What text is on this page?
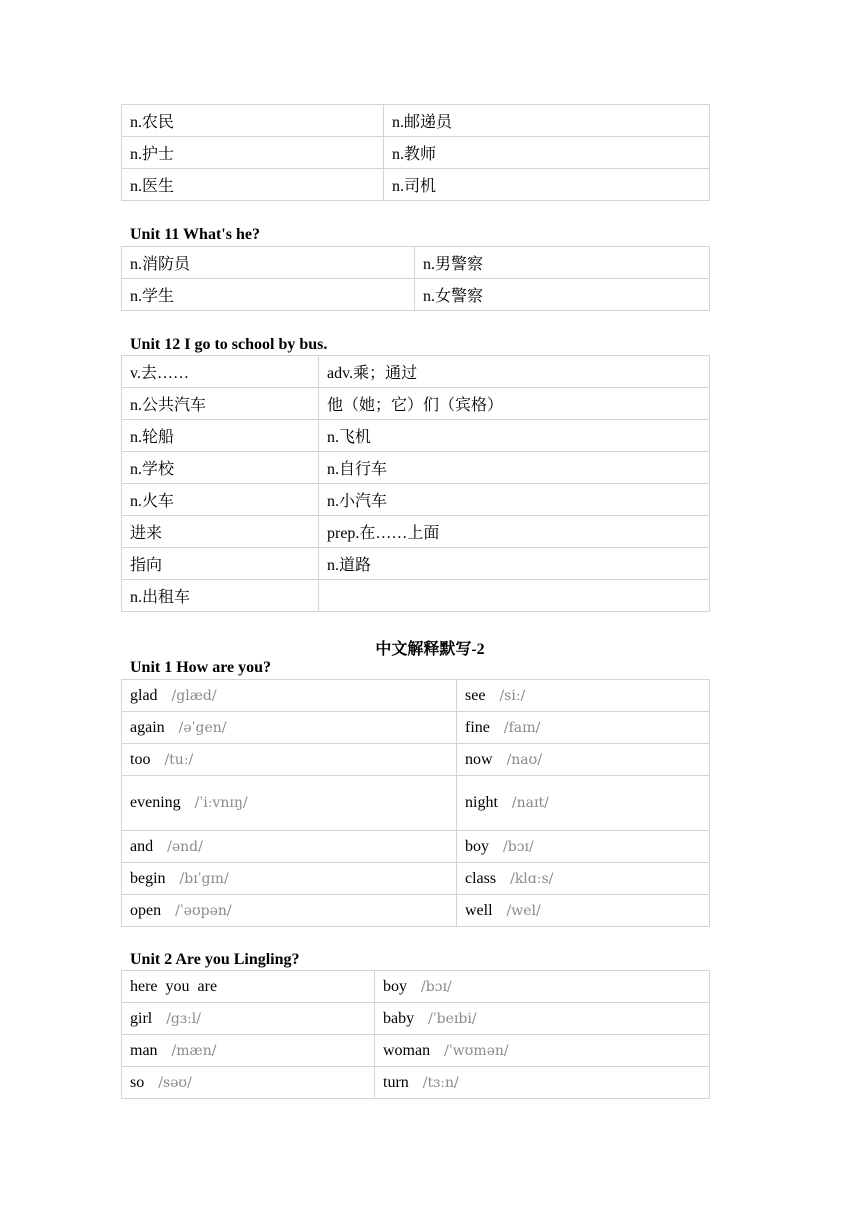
n.农民	n.邮递员
n.护士	n.教师
n.医生	n.司机
Unit 11 What's he?
n.消防员	n.男警察
n.学生	n.女警察
Unit 12 I go to school by bus.
v.去……	adv.乘；通过
n.公共汽车	他（她；它）们（宾格）
n.轮船	n.飞机
n.学校	n.自行车
n.火车	n.小汽车
进来	prep.在……上面
指向	n.道路
n.出租车	
中文解释默写-2
Unit 1 How are you?
glad /glæd/	see /siː/
again /əˈgen/	fine /faɪn/
too /tuː/	now /naʊ/
evening /ˈiːvnɪŋ/	night /naɪt/
and /ənd/	boy /bɔɪ/
begin /bɪˈgɪn/	class /klɑːs/
open /ˈəʊpən/	well /wel/
Unit 2 Are you Lingling?
here  you  are	boy /bɔɪ/
girl /gɜːl/	baby /ˈbeɪbi/
man /mæn/	woman /ˈwʊmən/
so /səʊ/	turn /tɜːn/
